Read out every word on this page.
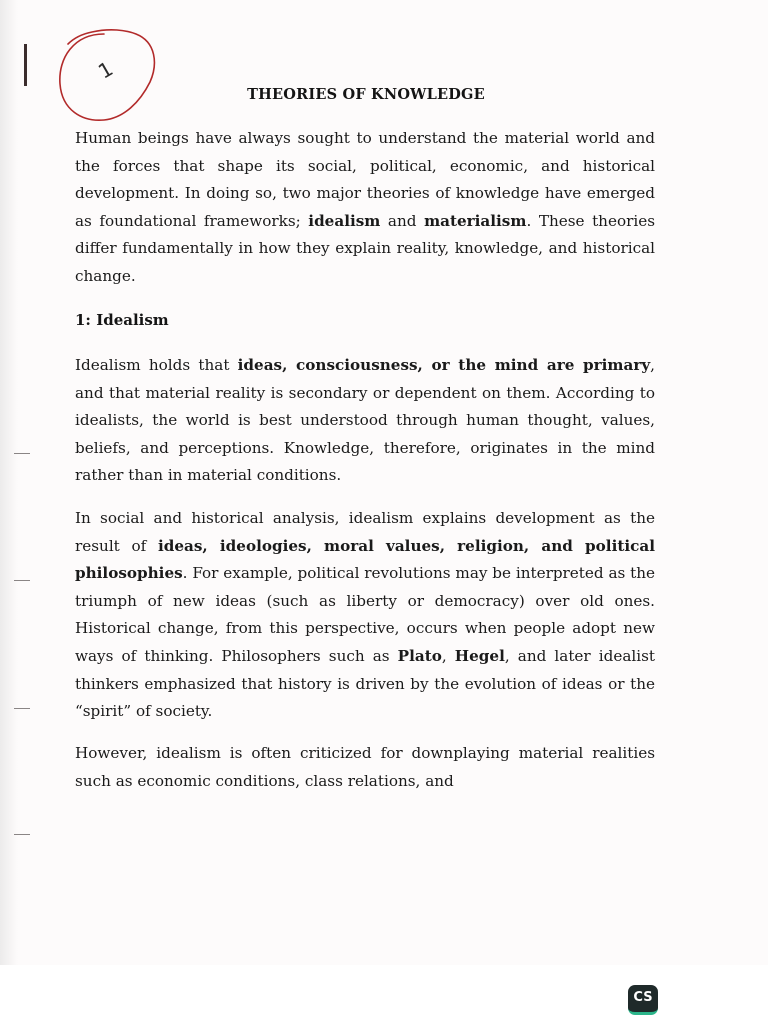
1
THEORIES OF KNOWLEDGE

Human beings have always sought to understand the material world and the forces that shape its social, political, economic, and historical development. In doing so, two major theories of knowledge have emerged as foundational frameworks; idealism and materialism. These theories differ fundamentally in how they explain reality, knowledge, and historical change.

1: Idealism

Idealism holds that ideas, consciousness, or the mind are primary, and that material reality is secondary or dependent on them. According to idealists, the world is best understood through human thought, values, beliefs, and perceptions. Knowledge, therefore, originates in the mind rather than in material conditions.

In social and historical analysis, idealism explains development as the result of ideas, ideologies, moral values, religion, and political philosophies. For example, political revolutions may be interpreted as the triumph of new ideas (such as liberty or democracy) over old ones. Historical change, from this perspective, occurs when people adopt new ways of thinking. Philosophers such as Plato, Hegel, and later idealist thinkers emphasized that history is driven by the evolution of ideas or the “spirit” of society.

However, idealism is often criticized for downplaying material realities such as economic conditions, class relations, and

CS
